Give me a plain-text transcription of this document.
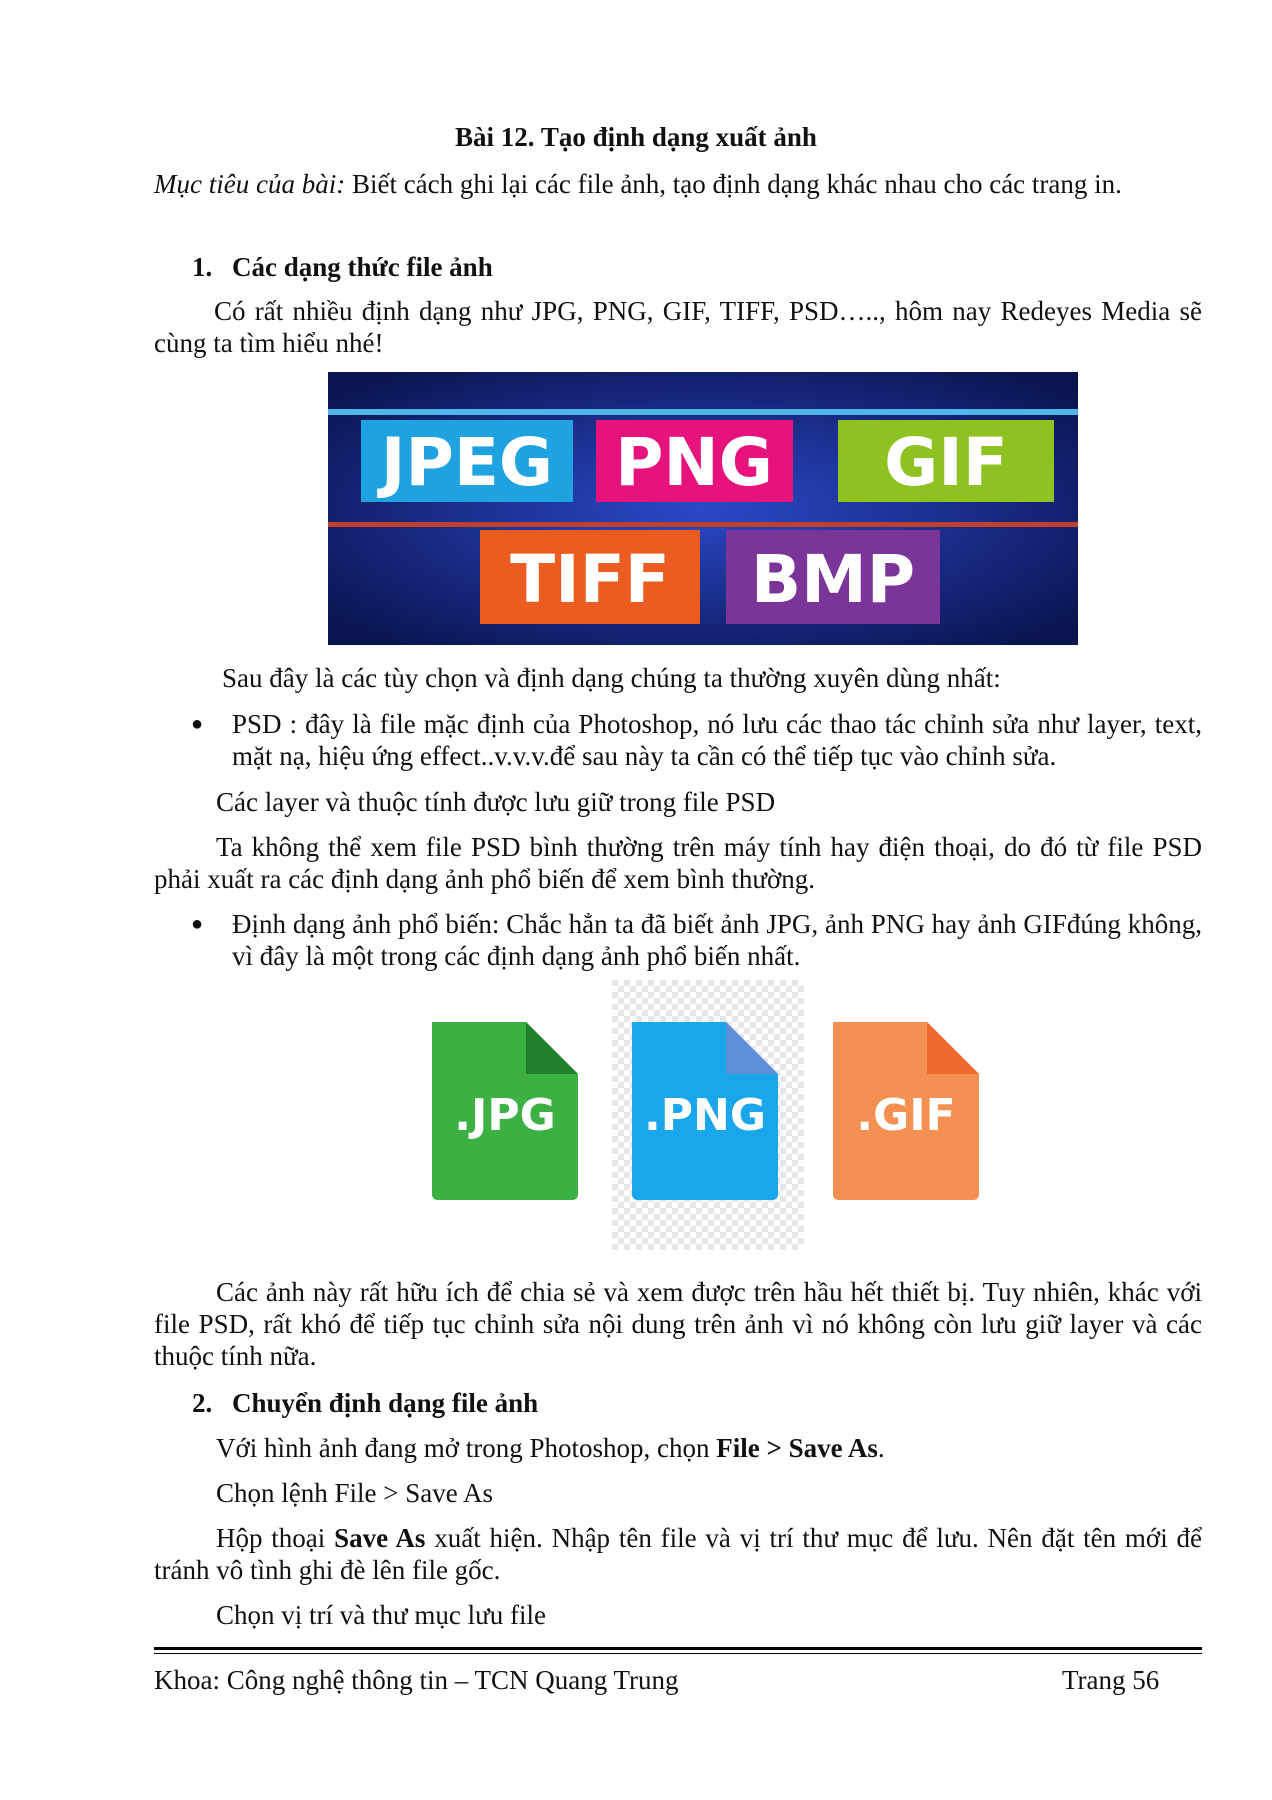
Bài 12. Tạo định dạng xuất ảnh

Mục tiêu của bài: Biết cách ghi lại các file ảnh, tạo định dạng khác nhau cho các trang in.

1. Các dạng thức file ảnh

Có rất nhiều định dạng như JPG, PNG, GIF, TIFF, PSD….., hôm nay Redeyes Media sẽ cùng ta tìm hiểu nhé!

JPEG PNG GIF
TIFF BMP

Sau đây là các tùy chọn và định dạng chúng ta thường xuyên dùng nhất:

● PSD : đây là file mặc định của Photoshop, nó lưu các thao tác chỉnh sửa như layer, text, mặt nạ, hiệu ứng effect..v.v.v.để sau này ta cần có thể tiếp tục vào chỉnh sửa.

Các layer và thuộc tính được lưu giữ trong file PSD

Ta không thể xem file PSD bình thường trên máy tính hay điện thoại, do đó từ file PSD phải xuất ra các định dạng ảnh phổ biến để xem bình thường.

● Định dạng ảnh phổ biến: Chắc hẳn ta đã biết ảnh JPG, ảnh PNG hay ảnh GIFđúng không, vì đây là một trong các định dạng ảnh phổ biến nhất.

.JPG .PNG .GIF

Các ảnh này rất hữu ích để chia sẻ và xem được trên hầu hết thiết bị. Tuy nhiên, khác với file PSD, rất khó để tiếp tục chỉnh sửa nội dung trên ảnh vì nó không còn lưu giữ layer và các thuộc tính nữa.

2. Chuyển định dạng file ảnh

Với hình ảnh đang mở trong Photoshop, chọn File > Save As.

Chọn lệnh File > Save As

Hộp thoại Save As xuất hiện. Nhập tên file và vị trí thư mục để lưu. Nên đặt tên mới để tránh vô tình ghi đè lên file gốc.

Chọn vị trí và thư mục lưu file

Khoa: Công nghệ thông tin – TCN Quang Trung	Trang 56
